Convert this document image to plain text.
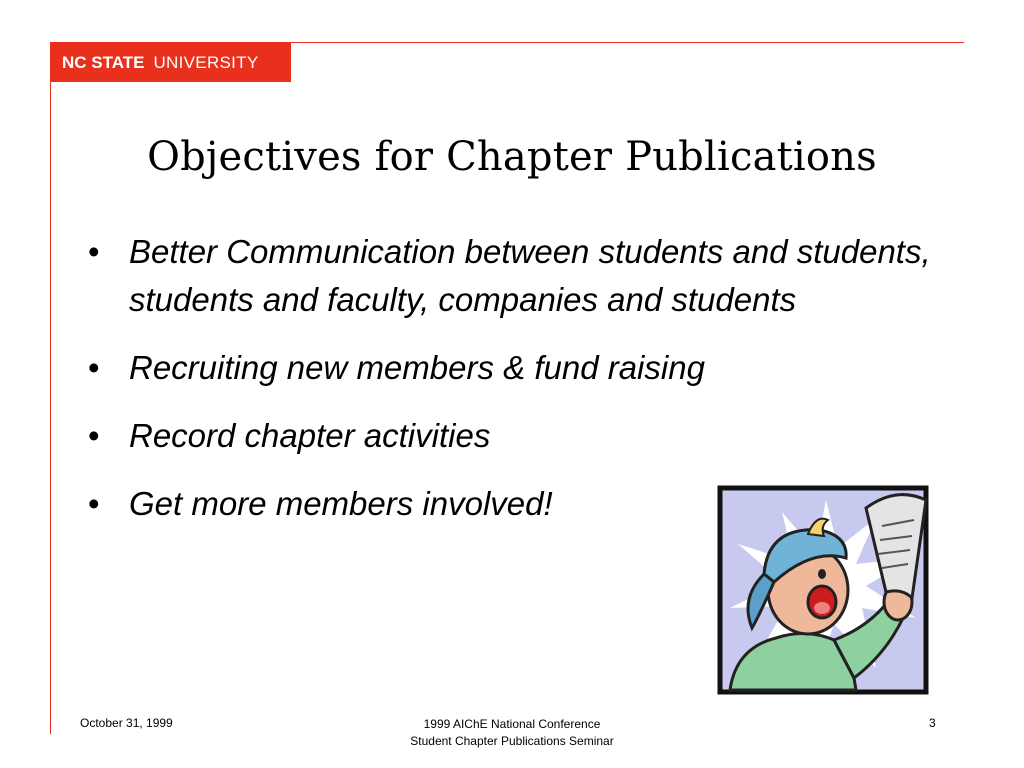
NC STATE UNIVERSITY
Objectives for Chapter Publications
• Better Communication between students and students, students and faculty, companies and students
• Recruiting new members & fund raising
• Record chapter activities
• Get more members involved!
October 31, 1999	1999 AIChE National Conference
Student Chapter Publications Seminar
3
